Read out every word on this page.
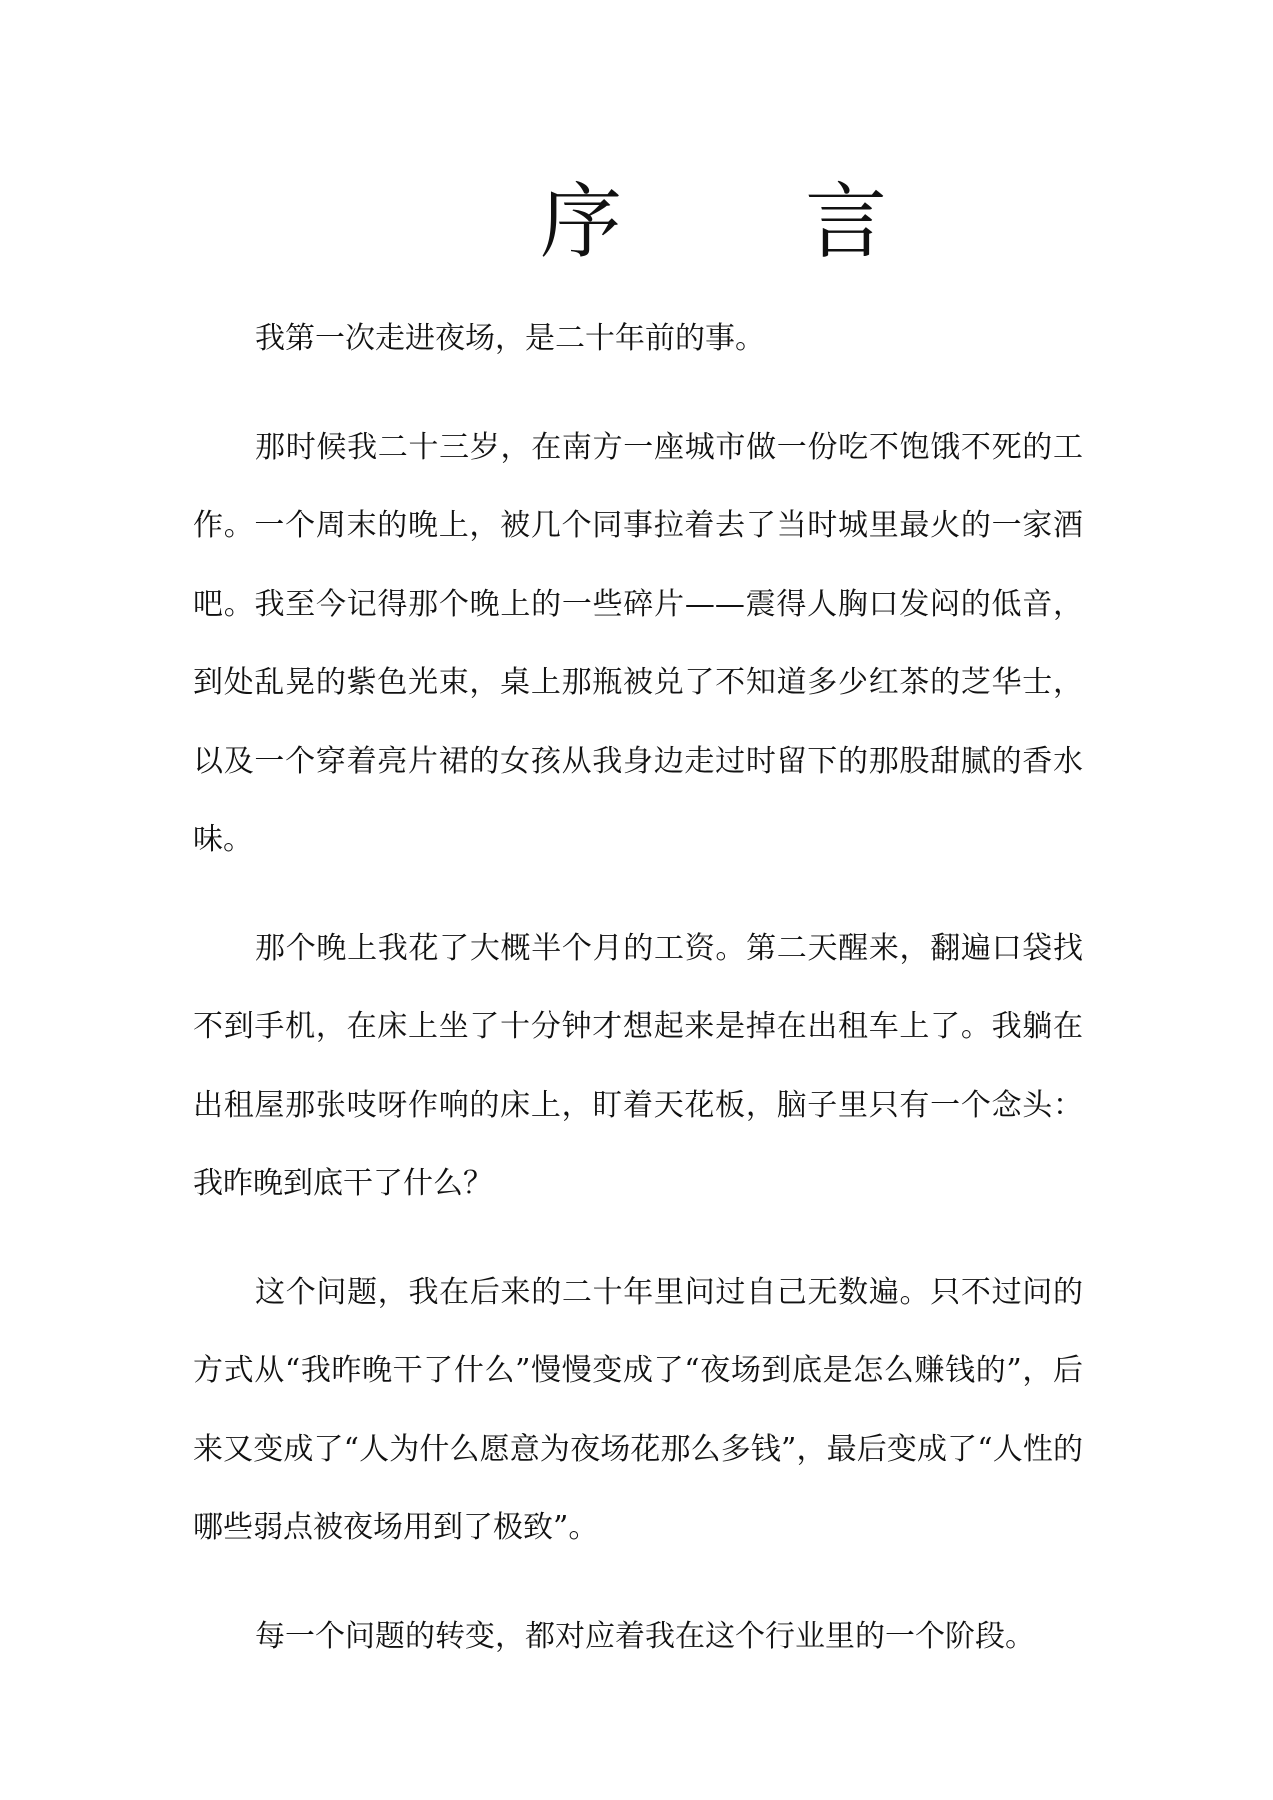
序 言

我第一次走进夜场，是二十年前的事。

那时候我二十三岁，在南方一座城市做一份吃不饱饿不死的工作。一个周末的晚上，被几个同事拉着去了当时城里最火的一家酒吧。我至今记得那个晚上的一些碎片——震得人胸口发闷的低音，到处乱晃的紫色光束，桌上那瓶被兑了不知道多少红茶的芝华士，以及一个穿着亮片裙的女孩从我身边走过时留下的那股甜腻的香水味。

那个晚上我花了大概半个月的工资。第二天醒来，翻遍口袋找不到手机，在床上坐了十分钟才想起来是掉在出租车上了。我躺在出租屋那张吱呀作响的床上，盯着天花板，脑子里只有一个念头：我昨晚到底干了什么？

这个问题，我在后来的二十年里问过自己无数遍。只不过问的方式从“我昨晚干了什么”慢慢变成了“夜场到底是怎么赚钱的”，后来又变成了“人为什么愿意为夜场花那么多钱”，最后变成了“人性的哪些弱点被夜场用到了极致”。

每一个问题的转变，都对应着我在这个行业里的一个阶段。
